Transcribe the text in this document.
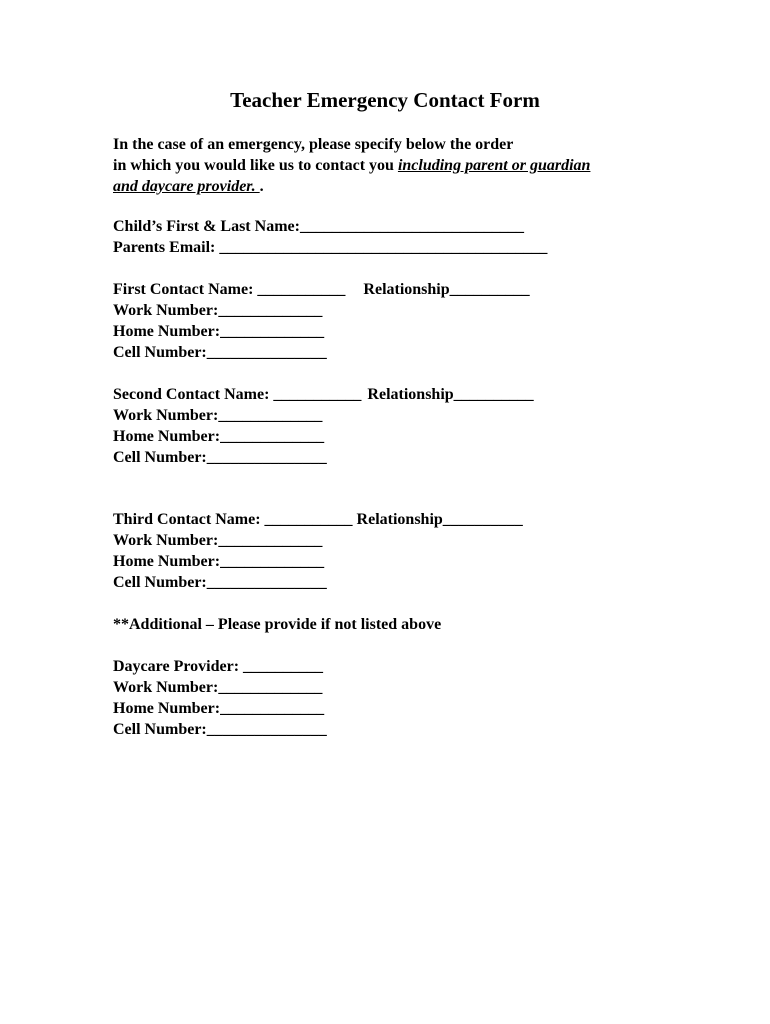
Teacher Emergency Contact Form
In the case of an emergency, please specify below the order
in which you would like us to contact you including parent or guardian
and daycare provider. .
Child’s First & Last Name:____________________________
Parents Email: _________________________________________
First Contact Name: ___________ Relationship__________
Work Number:_____________
Home Number:_____________
Cell Number:_______________
Second Contact Name: ___________ Relationship__________
Work Number:_____________
Home Number:_____________
Cell Number:_______________
Third Contact Name: ___________ Relationship__________
Work Number:_____________
Home Number:_____________
Cell Number:_______________
**Additional – Please provide if not listed above
Daycare Provider: __________
Work Number:_____________
Home Number:_____________
Cell Number:_______________
